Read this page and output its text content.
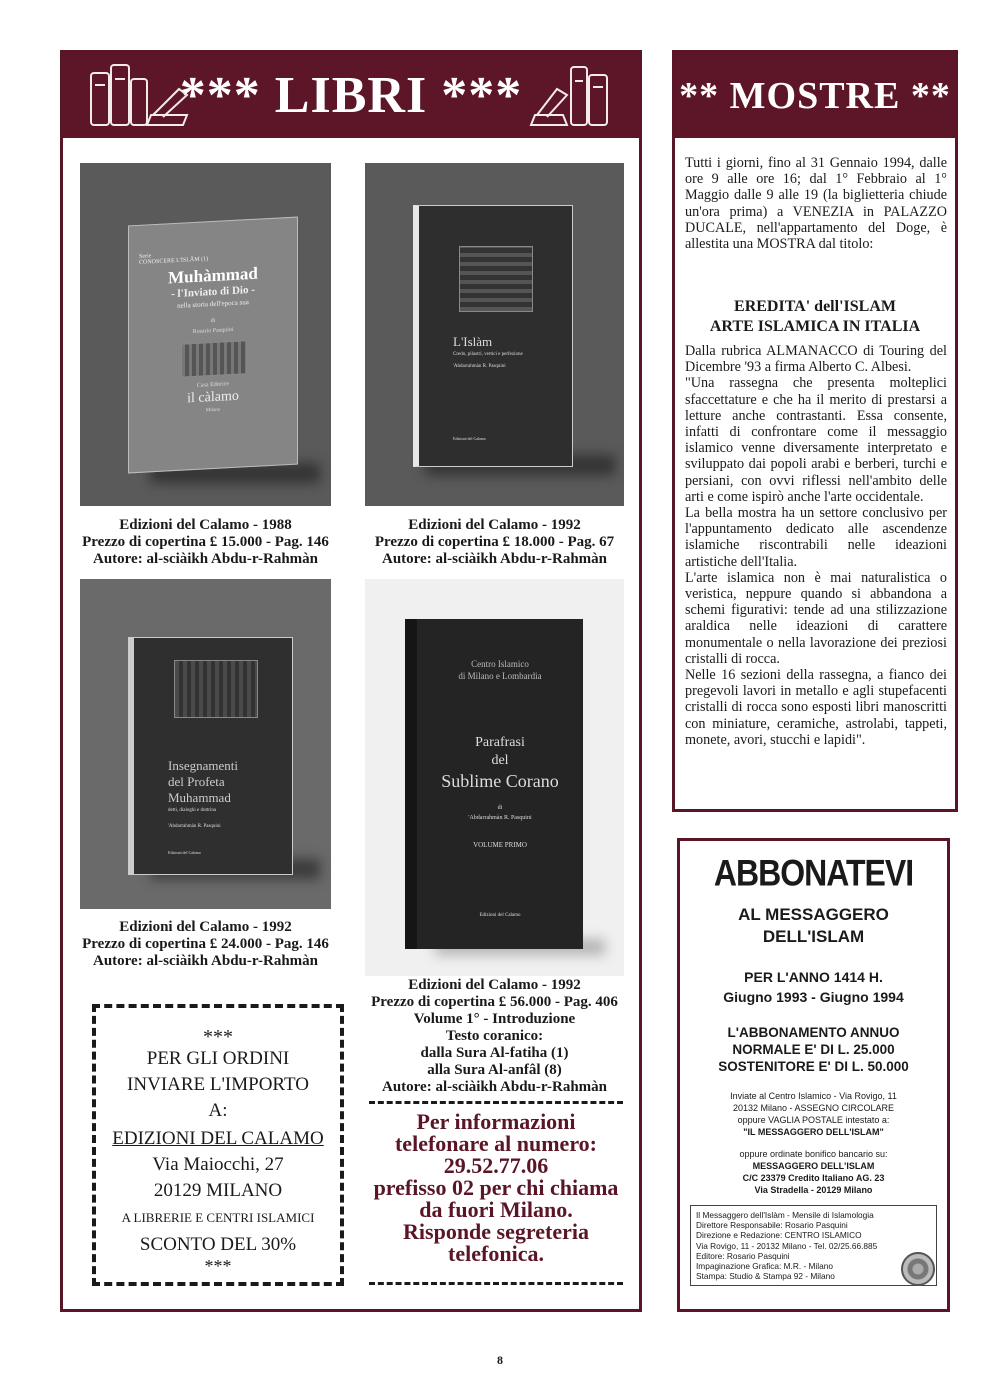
*** LIBRI ***
Serie
CONOSCERE L'ISLÂM (1)
Muhàmmad
- l'Inviato di Dio -
nella storia dell'epoca sua
di
Rosario Pasquini
Casa Editrice
il càlamo
Milano
Edizioni del Calamo - 1988
Prezzo di copertina £ 15.000 - Pag. 146
Autore: al-sciàikh Abdu-r-Rahmàn
L'Islàm
Credo, pilastri, vertici e perfezione
'Abdarrahmàn R. Pasquini
Edizioni del Calamo
Edizioni del Calamo - 1992
Prezzo di copertina £ 18.000 - Pag. 67
Autore: al-sciàikh Abdu-r-Rahmàn
Insegnamenti
del Profeta
Muhammad
detti, dialoghi e dottrina
'Abdarrahmàn R. Pasquini
Edizioni del Calamo
Edizioni del Calamo - 1992
Prezzo di copertina £ 24.000 - Pag. 146
Autore: al-sciàikh Abdu-r-Rahmàn
Centro Islamico
di Milano e Lombardia
Parafrasi
del
Sublime Corano
di
'Abdarrahmàn R. Pasquini
VOLUME PRIMO
Edizioni del Calamo
Edizioni del Calamo - 1992
Prezzo di copertina £ 56.000 - Pag. 406
Volume 1° - Introduzione
Testo coranico:
dalla Sura Al-fatiha (1)
alla Sura Al-anfâl (8)
Autore: al-sciàikh Abdu-r-Rahmàn
***
PER GLI ORDINI
INVIARE L'IMPORTO
A:
EDIZIONI DEL CALAMO
Via Maiocchi, 27
20129 MILANO
A LIBRERIE E CENTRI ISLAMICI
SCONTO DEL 30%
***
Per informazioni
telefonare al numero:
29.52.77.06
prefisso 02 per chi chiama
da fuori Milano.
Risponde segreteria
telefonica.
** MOSTRE **
Tutti i giorni, fino al 31 Gennaio 1994, dalle ore 9 alle ore 16; dal 1° Febbraio al 1° Maggio dalle 9 alle 19 (la biglietteria chiude un'ora prima) a VENEZIA in PALAZZO DUCALE, nell'appartamento del Doge, è allestita una MOSTRA dal titolo:
EREDITA' dell'ISLAM
ARTE ISLAMICA IN ITALIA
Dalla rubrica ALMANACCO di Touring del Dicembre '93 a firma Alberto C. Albesi.
"Una rassegna che presenta molteplici sfaccettature e che ha il merito di prestarsi a letture anche contrastanti. Essa consente, infatti di confrontare come il messaggio islamico venne diversamente interpretato e sviluppato dai popoli arabi e berberi, turchi e persiani, con ovvi riflessi nell'ambito delle arti e come ispirò anche l'arte occidentale.
La bella mostra ha un settore conclusivo per l'appuntamento dedicato alle ascendenze islamiche riscontrabili nelle ideazioni artistiche dell'Italia.
L'arte islamica non è mai naturalistica o veristica, neppure quando si abbandona a schemi figurativi: tende ad una stilizzazione araldica nelle ideazioni di carattere monumentale o nella lavorazione dei preziosi cristalli di rocca.
Nelle 16 sezioni della rassegna, a fianco dei pregevoli lavori in metallo e agli stupefacenti cristalli di rocca sono esposti libri manoscritti con miniature, ceramiche, astrolabi, tappeti, monete, avori, stucchi e lapidi".
ABBONATEVI
AL MESSAGGERO
DELL'ISLAM
PER L'ANNO 1414 H.
Giugno 1993 - Giugno 1994
L'ABBONAMENTO ANNUO
NORMALE E' DI L. 25.000
SOSTENITORE E' DI L. 50.000
Inviate al Centro Islamico - Via Rovigo, 11
20132 Milano - ASSEGNO CIRCOLARE
oppure VAGLIA POSTALE intestato a:
"IL MESSAGGERO DELL'ISLAM"
oppure ordinate bonifico bancario su:
MESSAGGERO DELL'ISLAM
C/C 23379 Credito Italiano AG. 23
Via Stradella - 20129 Milano
Il Messaggero dell'Islàm - Mensile di Islamologia
Direttore Responsabile: Rosario Pasquini
Direzione e Redazione: CENTRO ISLAMICO
Via Rovigo, 11 - 20132 Milano - Tel. 02/25.66.885
Editore: Rosario Pasquini
Impaginazione Grafica: M.R. - Milano
Stampa: Studio & Stampa 92 - Milano
8
